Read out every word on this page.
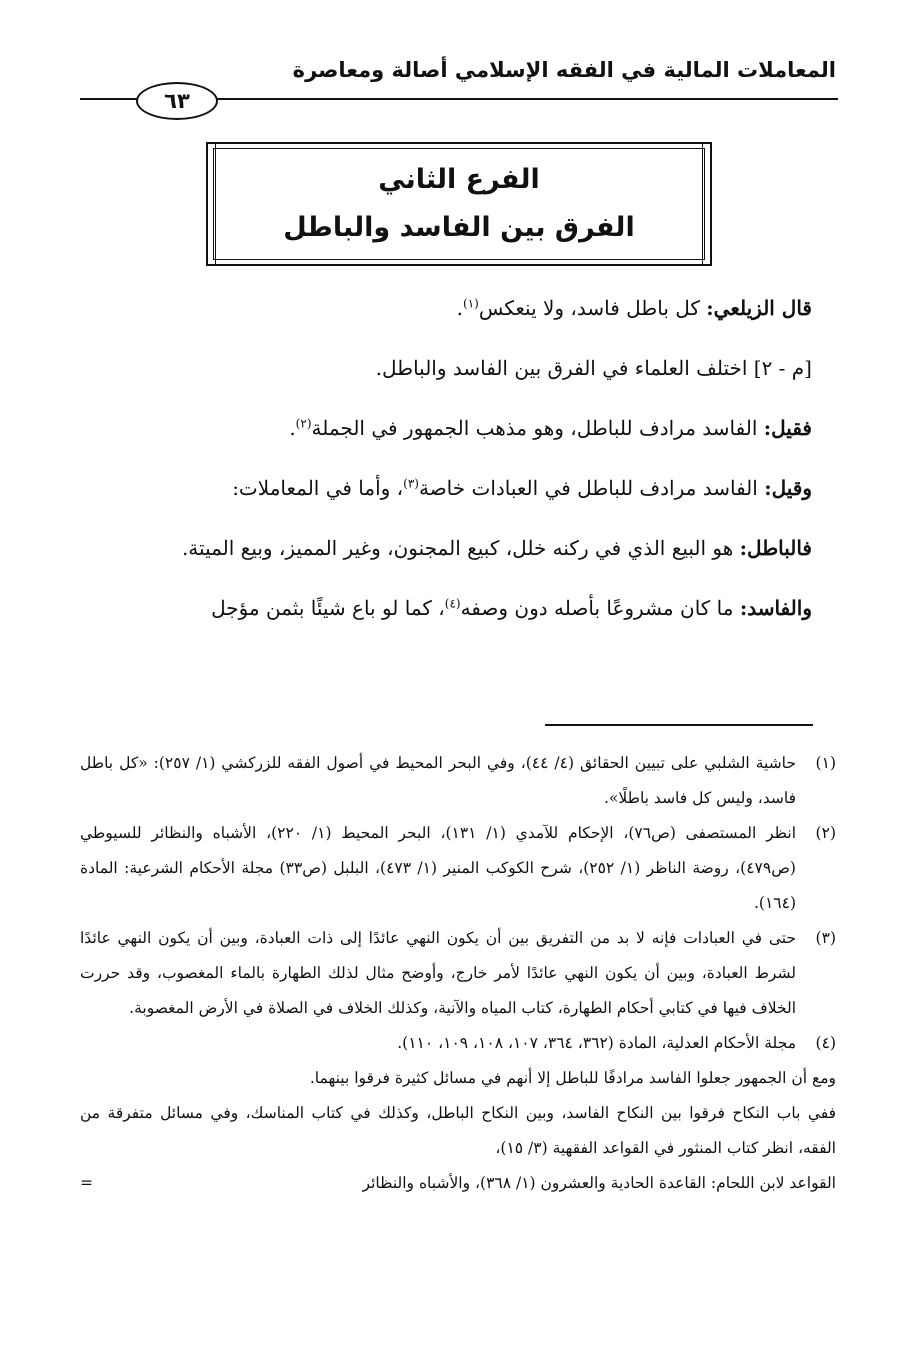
المعاملات المالية في الفقه الإسلامي أصالة ومعاصرة
٦٣
الفرع الثاني
الفرق بين الفاسد والباطل

قال الزيلعي: كل باطل فاسد، ولا ينعكس$^{(١)}$.

[م - ٢] اختلف العلماء في الفرق بين الفاسد والباطل.

فقيل: الفاسد مرادف للباطل، وهو مذهب الجمهور في الجملة$^{(٢)}$.

وقيل: الفاسد مرادف للباطل في العبادات خاصة$^{(٣)}$، وأما في المعاملات:

فالباطل: هو البيع الذي في ركنه خلل، كبيع المجنون، وغير المميز، وبيع الميتة.

والفاسد: ما كان مشروعًا بأصله دون وصفه$^{(٤)}$، كما لو باع شيئًا بثمن مؤجل

(١)
حاشية الشلبي على تبيين الحقائق (٤/ ٤٤)، وفي البحر المحيط في أصول الفقه للزركشي (١/ ٢٥٧): «كل باطل فاسد، وليس كل فاسد باطلًا».

(٢)
انظر المستصفى (ص٧٦)، الإحكام للآمدي (١/ ١٣١)، البحر المحيط (١/ ٢٢٠)، الأشباه والنظائر للسيوطي (ص٤٧٩)، روضة الناظر (١/ ٢٥٢)، شرح الكوكب المنير (١/ ٤٧٣)، البلبل (ص٣٣) مجلة الأحكام الشرعية: المادة (١٦٤).

(٣)
حتى في العبادات فإنه لا بد من التفريق بين أن يكون النهي عائدًا إلى ذات العبادة، وبين أن يكون النهي عائدًا لشرط العبادة، وبين أن يكون النهي عائدًا لأمر خارج، وأوضح مثال لذلك الطهارة بالماء المغصوب، وقد حررت الخلاف فيها في كتابي أحكام الطهارة، كتاب المياه والآنية، وكذلك الخلاف في الصلاة في الأرض المغصوبة.

(٤)
مجلة الأحكام العدلية، المادة (٣٦٢، ٣٦٤، ١٠٧، ١٠٨، ١٠٩، ١١٠).

ومع أن الجمهور جعلوا الفاسد مرادفًا للباطل إلا أنهم في مسائل كثيرة فرقوا بينهما.

ففي باب النكاح فرقوا بين النكاح الفاسد، وبين النكاح الباطل، وكذلك في كتاب المناسك، وفي مسائل متفرقة من الفقه، انظر كتاب المنثور في القواعد الفقهية (٣/ ١٥)،

القواعد لابن اللحام: القاعدة الحادية والعشرون (١/ ٣٦٨)، والأشباه والنظائر
=
